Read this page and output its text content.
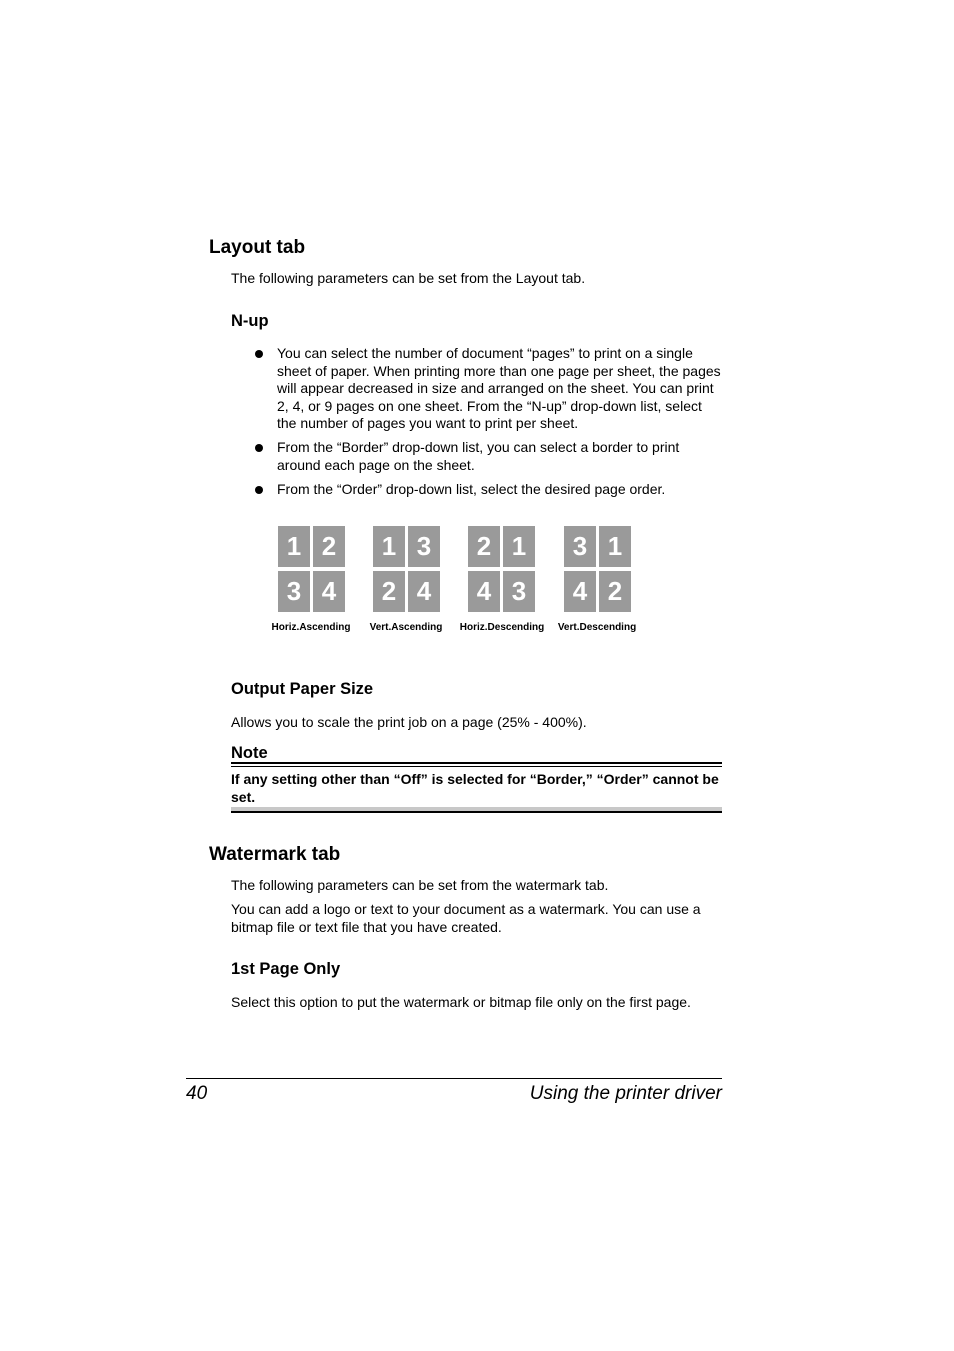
Layout tab
The following parameters can be set from the Layout tab.
N-up
You can select the number of document “pages” to print on a single sheet of paper. When printing more than one page per sheet, the pages will appear decreased in size and arranged on the sheet. You can print 2, 4, or 9 pages on one sheet. From the “N-up” drop-down list, select the number of pages you want to print per sheet.
From the “Border” drop-down list, you can select a border to print around each page on the sheet.
From the “Order” drop-down list, select the desired page order.
1 2
3 4
Horiz.Ascending
1 3
2 4
Vert.Ascending
2 1
4 3
Horiz.Descending
3 1
4 2
Vert.Descending
Output Paper Size
Allows you to scale the print job on a page (25% - 400%).
Note
If any setting other than “Off” is selected for “Border,” “Order” cannot be set.
Watermark tab
The following parameters can be set from the watermark tab.
You can add a logo or text to your document as a watermark. You can use a bitmap file or text file that you have created.
1st Page Only
Select this option to put the watermark or bitmap file only on the first page.
40	Using the printer driver
